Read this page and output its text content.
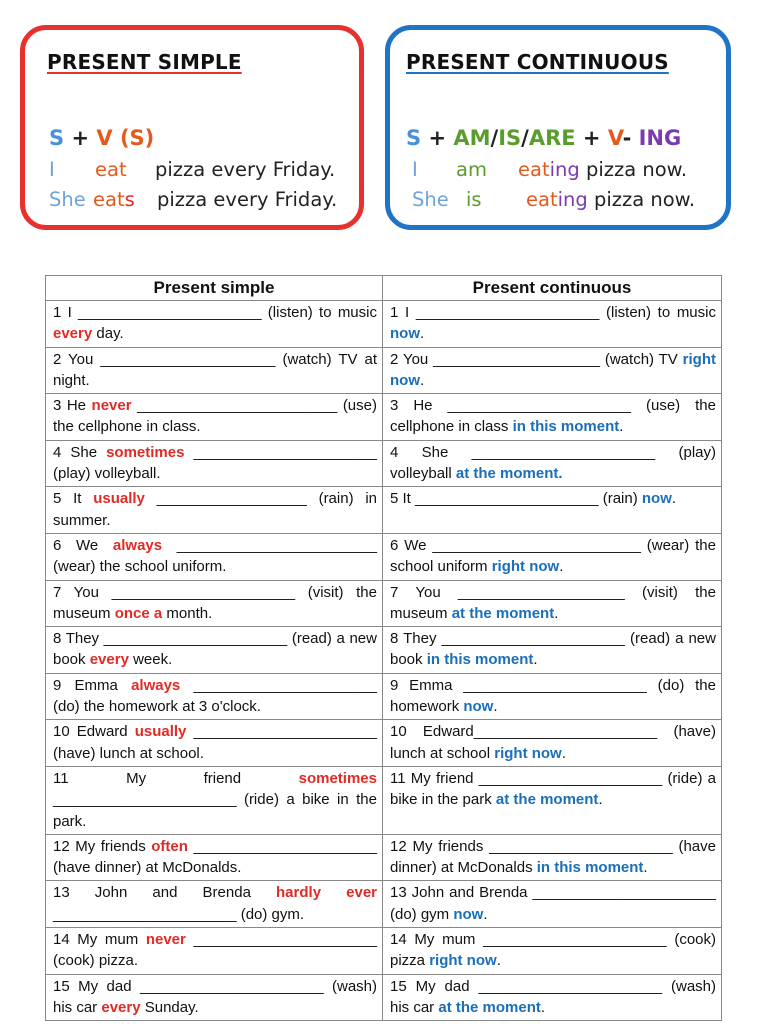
PRESENT SIMPLE
S + V (S)
I eat pizza every Friday.
She eats pizza every Friday.
PRESENT CONTINUOUS
S + AM/IS/ARE + V- ING
I am eating pizza now.
She is eating pizza now.
Present simple	Present continuous
1 I ______________________ (listen) to music every day.	1 I ______________________ (listen) to music now.
2 You _____________________ (watch) TV at night.	2 You ____________________ (watch) TV right now.
3 He never ________________________ (use) the cellphone in class.	3 He ______________________ (use) the cellphone in class in this moment.
4 She sometimes ______________________ (play) volleyball.	4 She ______________________ (play) volleyball at the moment.
5 It usually __________________ (rain) in summer.	5 It ______________________ (rain) now.
6 We always ________________________ (wear) the school uniform.	6 We _________________________ (wear) the school uniform right now.
7 You ______________________ (visit) the museum once a month.	7 You ____________________ (visit) the museum at the moment.
8 They ______________________ (read) a new book every week.	8 They ______________________ (read) a new book in this moment.
9 Emma always ______________________ (do) the homework at 3 o'clock.	9 Emma ______________________ (do) the homework now.
10 Edward usually ______________________ (have) lunch at school.	10 Edward______________________ (have) lunch at school right now.
11 My friend sometimes ______________________ (ride) a bike in the park.	11 My friend ______________________ (ride) a bike in the park at the moment.
12 My friends often ______________________ (have dinner) at McDonalds.	12 My friends ______________________ (have dinner) at McDonalds in this moment.
13 John and Brenda hardly ever ______________________ (do) gym.	13 John and Brenda ______________________ (do) gym now.
14 My mum never ______________________ (cook) pizza.	14 My mum ______________________ (cook) pizza right now.
15 My dad ______________________ (wash) his car every Sunday.	15 My dad ______________________ (wash) his car at the moment.
